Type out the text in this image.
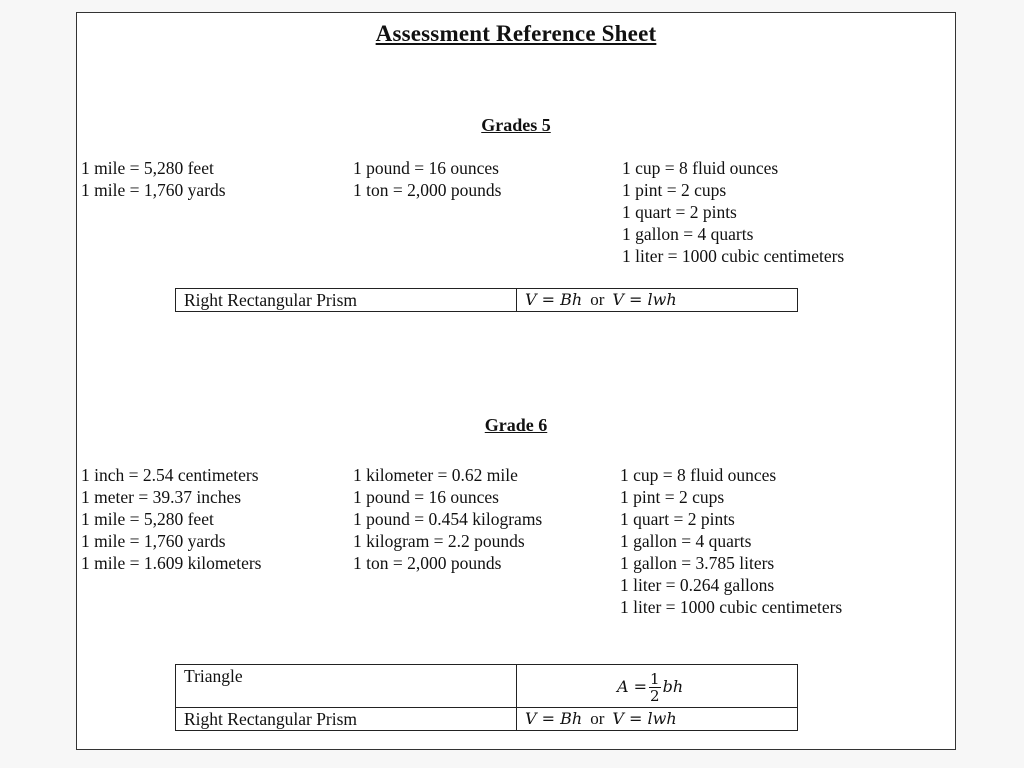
Assessment Reference Sheet
Grades 5
1 mile = 5,280 feet
1 mile = 1,760 yards
1 pound = 16 ounces
1 ton = 2,000 pounds
1 cup = 8 fluid ounces
1 pint = 2 cups
1 quart = 2 pints
1 gallon = 4 quarts
1 liter = 1000 cubic centimeters
Right Rectangular Prism	V = Bh or V = lwh
Grade 6
1 inch = 2.54 centimeters
1 meter = 39.37 inches
1 mile = 5,280 feet
1 mile = 1,760 yards
1 mile = 1.609 kilometers
1 kilometer = 0.62 mile
1 pound = 16 ounces
1 pound = 0.454 kilograms
1 kilogram = 2.2 pounds
1 ton = 2,000 pounds
1 cup = 8 fluid ounces
1 pint = 2 cups
1 quart = 2 pints
1 gallon = 4 quarts
1 gallon = 3.785 liters
1 liter = 0.264 gallons
1 liter = 1000 cubic centimeters
Triangle	$A = \frac{1}{2}$ bh

Right Rectangular Prism	V = Bh or V = lwh
